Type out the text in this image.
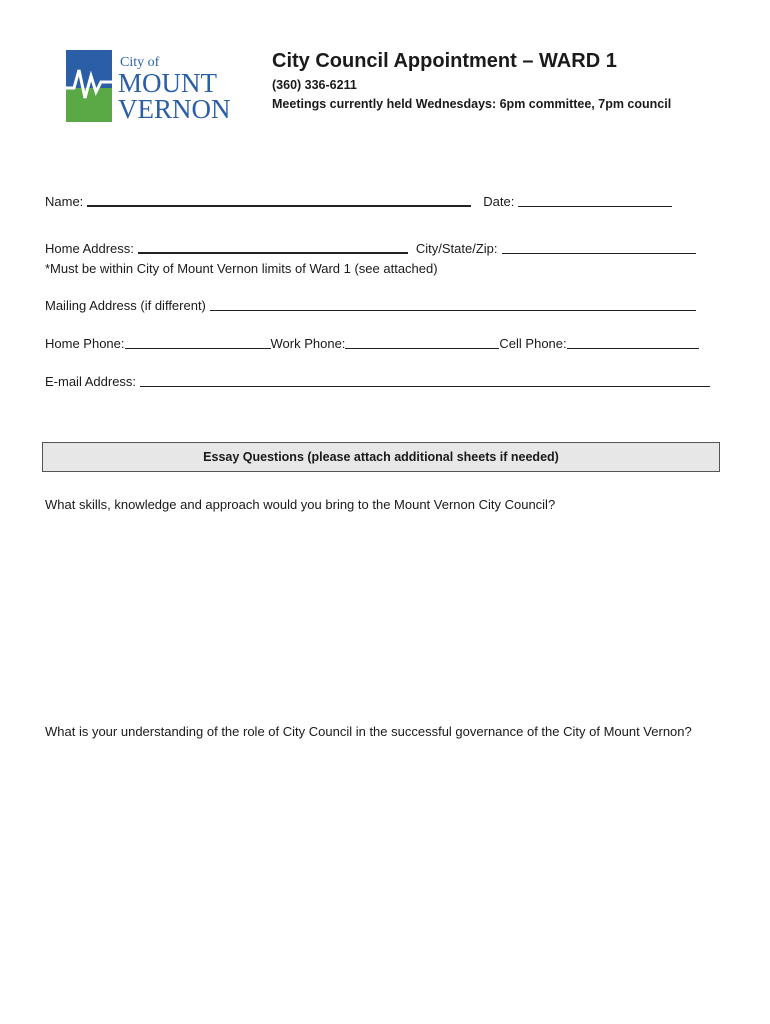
City of
MOUNT
VERNON
City Council Appointment – WARD 1
(360) 336-6211
Meetings currently held Wednesdays: 6pm committee, 7pm council
Name:	Date:
Home Address:	City/State/Zip:
*Must be within City of Mount Vernon limits of Ward 1 (see attached)
Mailing Address (if different)
Home Phone:	Work Phone:	Cell Phone:
E-mail Address:
Essay Questions (please attach additional sheets if needed)
What skills, knowledge and approach would you bring to the Mount Vernon City Council?
What is your understanding of the role of City Council in the successful governance of the City of Mount Vernon?
